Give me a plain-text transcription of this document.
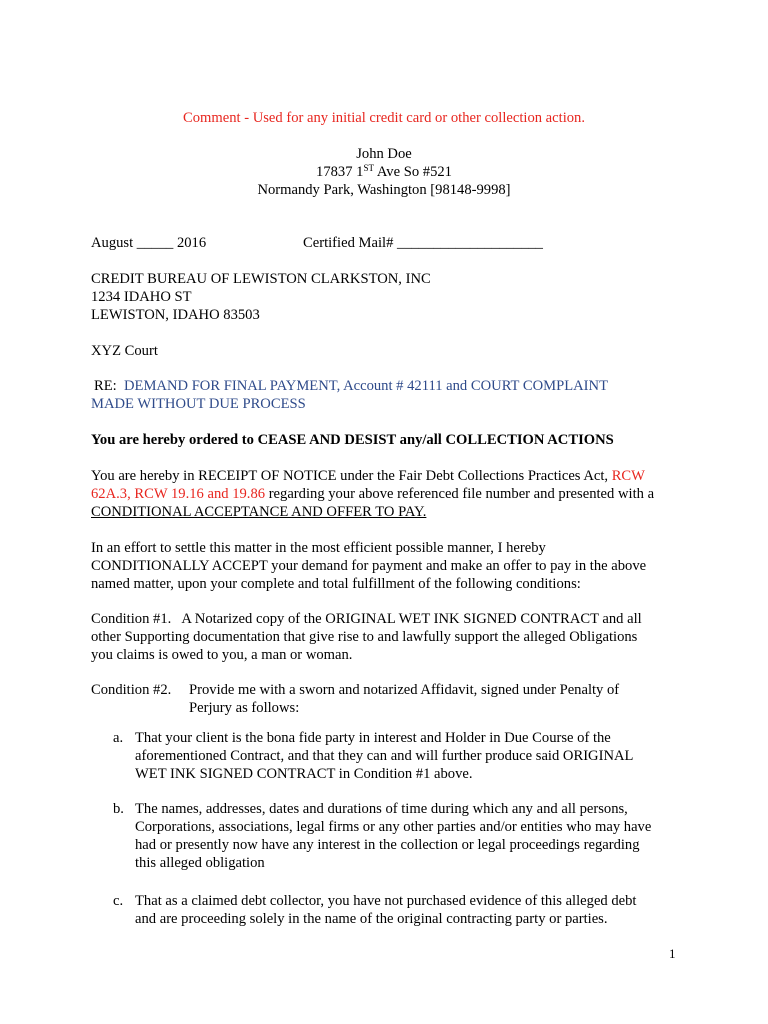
Comment - Used for any initial credit card or other collection action.
John Doe
17837 1ST Ave So #521
Normandy Park, Washington [98148-9998]
August _____ 2016	Certified Mail# ____________________
CREDIT BUREAU OF LEWISTON CLARKSTON, INC
1234 IDAHO ST
LEWISTON, IDAHO 83503
XYZ Court
RE: DEMAND FOR FINAL PAYMENT, Account # 42111 and COURT COMPLAINT
MADE WITHOUT DUE PROCESS
You are hereby ordered to CEASE AND DESIST any/all COLLECTION ACTIONS
You are hereby in RECEIPT OF NOTICE under the Fair Debt Collections Practices Act, RCW
62A.3, RCW 19.16 and 19.86 regarding your above referenced file number and presented with a
CONDITIONAL ACCEPTANCE AND OFFER TO PAY.
In an effort to settle this matter in the most efficient possible manner, I hereby
CONDITIONALLY ACCEPT your demand for payment and make an offer to pay in the above
named matter, upon your complete and total fulfillment of the following conditions:
Condition #1.   A Notarized copy of the ORIGINAL WET INK SIGNED CONTRACT and all
other Supporting documentation that give rise to and lawfully support the alleged Obligations
you claims is owed to you, a man or woman.
Condition #2. Provide me with a sworn and notarized Affidavit, signed under Penalty of
Perjury as follows:
a. That your client is the bona fide party in interest and Holder in Due Course of the
aforementioned Contract, and that they can and will further produce said ORIGINAL
WET INK SIGNED CONTRACT in Condition #1 above.
b. The names, addresses, dates and durations of time during which any and all persons,
Corporations, associations, legal firms or any other parties and/or entities who may have
had or presently now have any interest in the collection or legal proceedings regarding
this alleged obligation
c. That as a claimed debt collector, you have not purchased evidence of this alleged debt
and are proceeding solely in the name of the original contracting party or parties.
1
